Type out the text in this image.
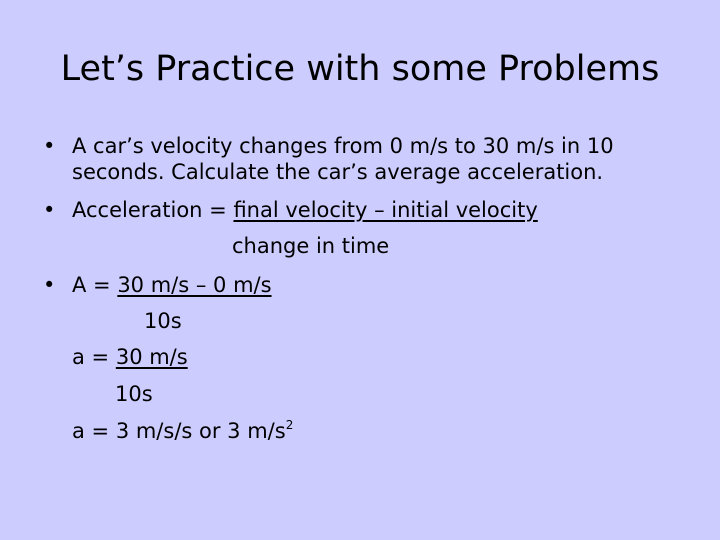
Let’s Practice with some Problems
• A car’s velocity changes from 0 m/s to 30 m/s in 10
seconds. Calculate the car’s average acceleration.
• Acceleration = final velocity – initial velocity
change in time
• A = 30 m/s – 0 m/s
10s
a = 30 m/s
10s
a = 3 m/s/s or 3 $m/s^2$
